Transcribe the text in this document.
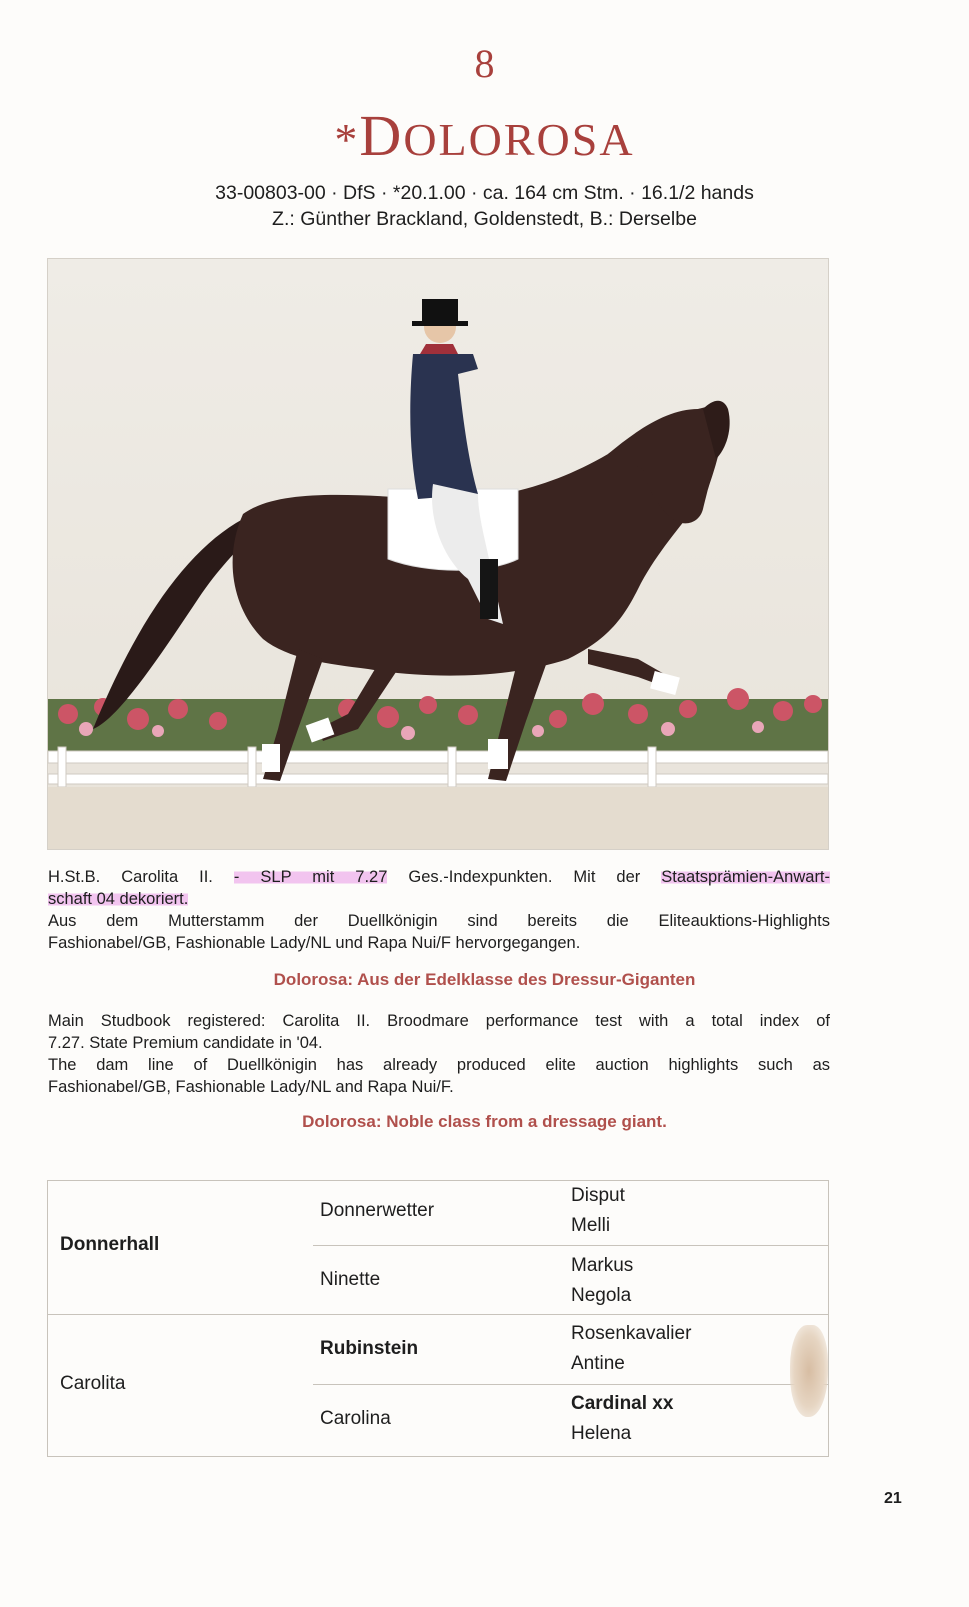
8
*DOLOROSA
33-00803-00 · DfS · *20.1.00 · ca. 164 cm Stm. · 16.1/2 hands
Z.: Günther Brackland, Goldenstedt, B.: Derselbe
H.St.B. Carolita II. - SLP mit 7.27 Ges.-Indexpunkten. Mit der Staatsprämien-Anwart-
schaft 04 dekoriert.
Aus dem Mutterstamm der Duellkönigin sind bereits die Eliteauktions-Highlights
Fashionabel/GB, Fashionable Lady/NL und Rapa Nui/F hervorgegangen.
Dolorosa: Aus der Edelklasse des Dressur-Giganten
Main Studbook registered: Carolita II. Broodmare performance test with a total index of
7.27. State Premium candidate in '04.
The dam line of Duellkönigin has already produced elite auction highlights such as
Fashionabel/GB, Fashionable Lady/NL and Rapa Nui/F.
Dolorosa: Noble class from a dressage giant.
Donnerhall
Carolita
Donnerwetter
Ninette
Rubinstein
Carolina
Disput
Melli
Markus
Negola
Rosenkavalier
Antine
Cardinal xx
Helena
21
